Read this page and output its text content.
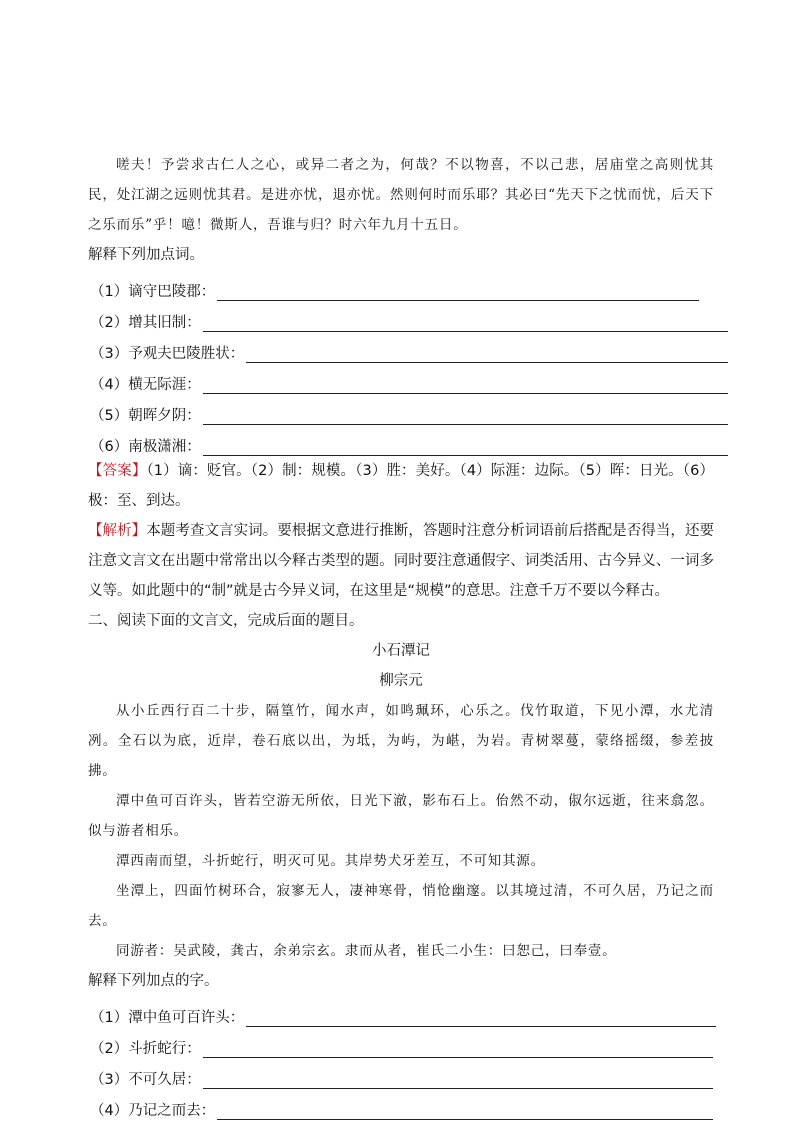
嗟夫！予尝求古仁人之心，或异二者之为，何哉？不以物喜，不以己悲，居庙堂之高则忧其民，处江湖之远则忧其君。是进亦忧，退亦忧。然则何时而乐耶？其必曰“先天下之忧而忧，后天下之乐而乐”乎！噫！微斯人，吾谁与归？时六年九月十五日。

解释下列加点词。

（1）谪守巴陵郡：
（2）增其旧制：
（3）予观夫巴陵胜状：
（4）横无际涯：
（5）朝晖夕阴：
（6）南极潇湘：

【答案】（1）谪：贬官。（2）制：规模。（3）胜：美好。（4）际涯：边际。（5）晖：日光。（6）极：至、到达。

【解析】本题考查文言实词。要根据文意进行推断，答题时注意分析词语前后搭配是否得当，还要注意文言文在出题中常常出以今释古类型的题。同时要注意通假字、词类活用、古今异义、一词多义等。如此题中的“制”就是古今异义词，在这里是“规模”的意思。注意千万不要以今释古。

二、阅读下面的文言文，完成后面的题目。

小石潭记

柳宗元

从小丘西行百二十步，隔篁竹，闻水声，如鸣珮环，心乐之。伐竹取道，下见小潭，水尤清冽。全石以为底，近岸，卷石底以出，为坻，为屿，为嵁，为岩。青树翠蔓，蒙络摇缀，参差披拂。

潭中鱼可百许头，皆若空游无所依，日光下澈，影布石上。佁然不动，俶尔远逝，往来翕忽。似与游者相乐。

潭西南而望，斗折蛇行，明灭可见。其岸势犬牙差互，不可知其源。

坐潭上，四面竹树环合，寂寥无人，凄神寒骨，悄怆幽邃。以其境过清，不可久居，乃记之而去。

同游者：吴武陵，龚古，余弟宗玄。隶而从者，崔氏二小生：曰恕己，曰奉壹。

解释下列加点的字。

（1）潭中鱼可百许头：
（2）斗折蛇行：
（3）不可久居：
（4）乃记之而去：
